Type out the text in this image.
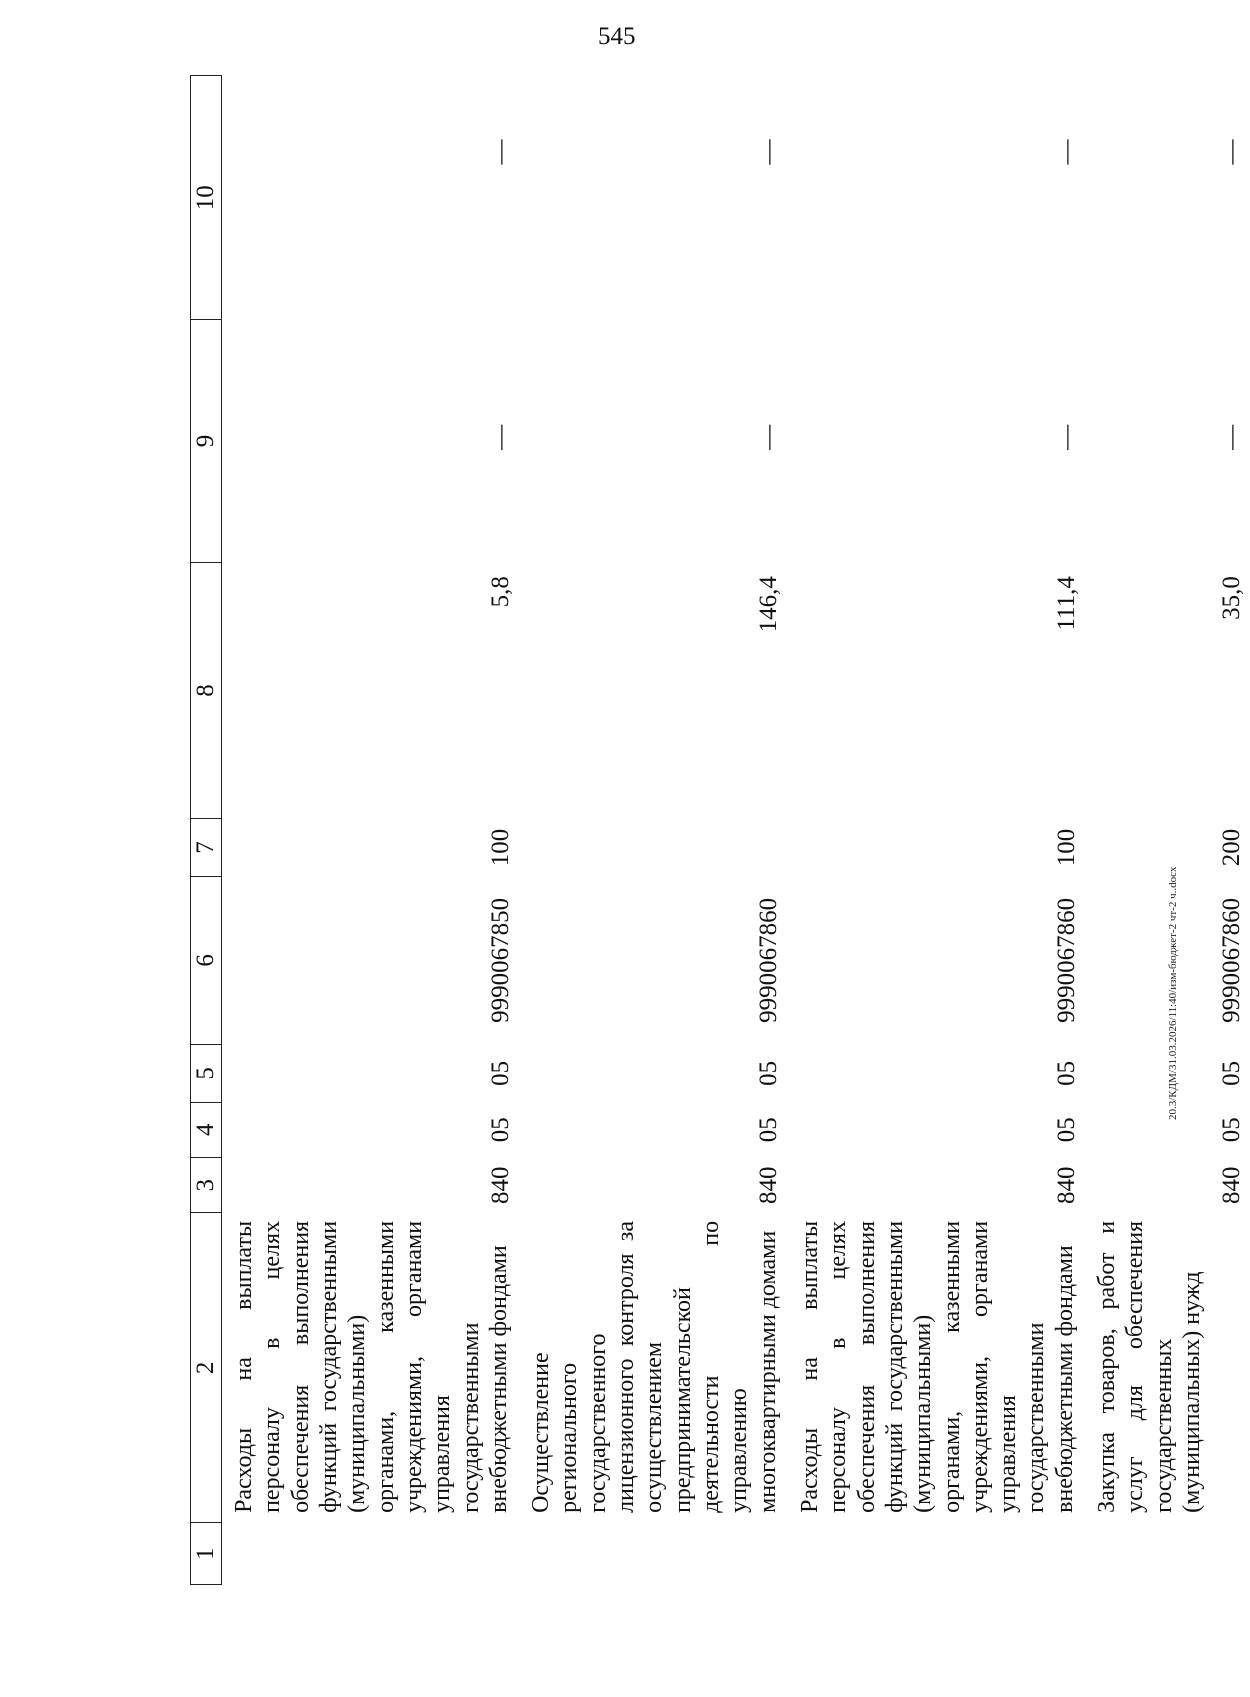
545
20.3/КДМ/31.03.2026/11:40/изм-бюджет-2 чт-2 ч..docx
1	2	3	4	5	6	7	8	9	10
	Расходы на выплаты персоналу в целях обеспечения выполнения функций государственными (муниципальными) органами, казенными учреждениями, органами управления государственными внебюджетными фондами	840	05	05	9990067850	100	5,8	—	—
	Осуществление регионального государственного лицензионного контроля за осуществлением предпринимательской деятельности по управлению многоквартирными домами	840	05	05	9990067860		146,4	—	—
	Расходы на выплаты персоналу в целях обеспечения выполнения функций государственными (муниципальными) органами, казенными учреждениями, органами управления государственными внебюджетными фондами	840	05	05	9990067860	100	111,4	—	—
	Закупка товаров, работ и услуг для обеспечения государственных (муниципальных) нужд	840	05	05	9990067860	200	35,0	—	—
